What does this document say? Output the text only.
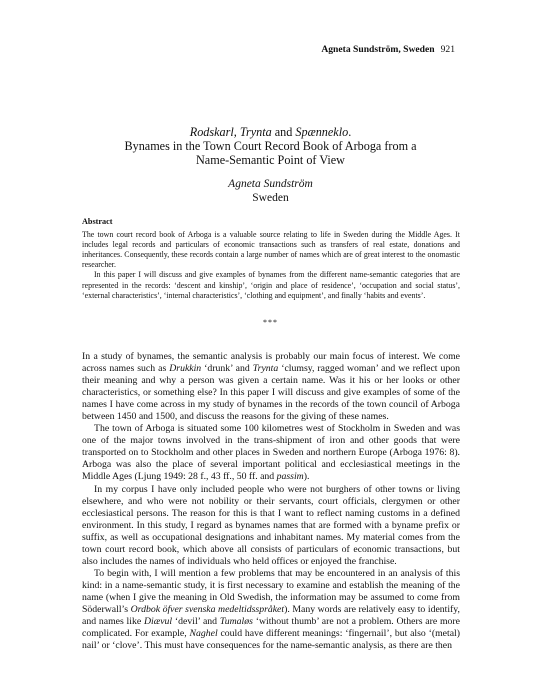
Agneta Sundström, Sweden 921
Rodskarl, Trynta and Spænneklo.
Bynames in the Town Court Record Book of Arboga from a
Name-Semantic Point of View
Agneta Sundström
Sweden
Abstract

The town court record book of Arboga is a valuable source relating to life in Sweden during the Middle Ages. It includes legal records and particulars of economic transactions such as transfers of real estate, donations and inheritances. Consequently, these records contain a large number of names which are of great interest to the onomastic researcher.

In this paper I will discuss and give examples of bynames from the different name-semantic categories that are represented in the records: ‘descent and kinship’, ‘origin and place of residence’, ‘occupation and social status’, ‘external characteristics’, ‘internal characteristics’, ‘clothing and equipment’, and finally ‘habits and events’.

***

In a study of bynames, the semantic analysis is probably our main focus of interest. We come across names such as Drukkin ‘drunk’ and Trynta ‘clumsy, ragged woman’ and we reflect upon their meaning and why a person was given a certain name. Was it his or her looks or other characteristics, or something else? In this paper I will discuss and give examples of some of the names I have come across in my study of bynames in the records of the town council of Arboga between 1450 and 1500, and discuss the reasons for the giving of these names.

The town of Arboga is situated some 100 kilometres west of Stockholm in Sweden and was one of the major towns involved in the trans-shipment of iron and other goods that were transported on to Stockholm and other places in Sweden and northern Europe (Arboga 1976: 8). Arboga was also the place of several important political and ecclesiastical meetings in the Middle Ages (Ljung 1949: 28 f., 43 ff., 50 ff. and passim).

In my corpus I have only included people who were not burghers of other towns or living elsewhere, and who were not nobility or their servants, court officials, clergymen or other ecclesiastical persons. The reason for this is that I want to reflect naming customs in a defined environment. In this study, I regard as bynames names that are formed with a byname prefix or suffix, as well as occupational designations and inhabitant names. My material comes from the town court record book, which above all consists of particulars of economic transactions, but also includes the names of individuals who held offices or enjoyed the franchise.

To begin with, I will mention a few problems that may be encountered in an analysis of this kind: in a name-semantic study, it is first necessary to examine and establish the meaning of the name (when I give the meaning in Old Swedish, the information may be assumed to come from Söderwall’s Ordbok öfver svenska medeltidsspråket). Many words are relatively easy to identify, and names like Diævul ‘devil’ and Tumaløs ‘without thumb’ are not a problem. Others are more complicated. For example, Naghel could have different meanings: ‘fingernail’, but also ‘(metal) nail’ or ‘clove’. This must have consequences for the name-semantic analysis, as there are then
